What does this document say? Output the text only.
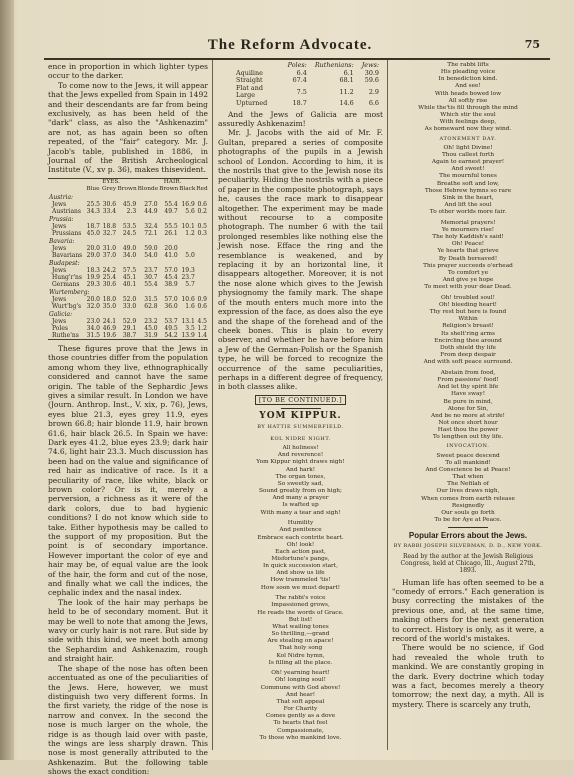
The Reform Advocate.	75

ence in proportion in which lighter types occur to the darker.

To come now to the Jews, it will appear that the Jews expelled from Spain in 1492 and their descendants are far from being exclusively, as has been held of the "dark" class, as also the "Ashkenazim" are not, as has again been so often repeated, of the "fair" category. Mr. J. Jacob's table, published in 1886, in Journal of the British Archeological Institute (V., xv p. 36), makes thisevident.

	EYES.			HAIR.			
	Blue	Grey	Brown	Blonde	Brown	Black	Red
Austria:							
Jews	25.5	30.6	45.9	27.0	55.4	16.9	0.6
Austrians	34.3	33.4	2.3	44.9	49.7	5.6	0.2
Prussia:							
Jews	18.7	18.8	53.5	32.4	55.5	10.1	0.5
Prussians	45.0	32.7	24.5	72.1	26.1	1.2	0.3
Bavaria:							
Jews	20.0	31.0	49.0	59.0	20.0		
Bavarians	29.0	37.0	34.0	54.0	41.0	5.0	
Budapest:							
Jews	18.3	24.2	57.5	23.7	57.0	19.3	
Hung'r'ns	19.9	25.4	45.1	30.7	45.4	23.7	
Germans	29.3	30.6	40.1	55.4	38.9	5.7	
Wurtemberg:							
Jews	20.0	18.0	52.0	31.5	57.0	10.6	0.9
Wurt'bg's	32.0	35.0	33.0	62.8	36.0	1.6	0.6
Galicia:							
Jews	23.0	24.1	52.9	23.2	53.7	13.1	4.5
Poles	34.0	46.9	29.1	45.0	49.5	3.5	1.2
Ruthe'ns	31.5	19.6	38.7	31.9	54.2	13.9	1.4

These figures prove that the Jews in those countries differ from the population among whom they live, ethnographically considered and cannot have the same origin. The table of the Sephardic Jews gives a similar result. In London we have (Journ. Anthrop. Inst., V. xix, p. 76), Jews, eyes blue 21.3, eyes grey 11.9, eyes brown 66.8; hair blonde 11.9, hair brown 61.6, hair black 26.5. In Spain we have: Dark eyes 41.2, blue eyes 23.9; dark hair 74.6, light hair 23.3. Much discussion has been had on the value and significance of red hair as indicative of race. Is it a peculiarity of race, like white, black or brown color? Or is it, merely a perversion, a richness as it were of the dark colors, due to bad hygienic conditions? I do not know which side to take. Either hypothesis may be called to the support of my proposition. But the point is of secondary importance. However important the color of eye and hair may be, of equal value are the look of the hair, the form and cut of the nose, and finally what we call the indices, the cephalic index and the nasal index.

The look of the hair may perhaps be held to be of secondary moment. But it may be well to note that among the Jews, wavy or curly hair is not rare. But side by side with this kind, we meet both among the Sephardim and Ashkenazim, rough and straight hair.

The shape of the nose has often been accentuated as one of the peculiarities of the Jews. Here, however, we must distinguish two very different forms. In the first variety, the ridge of the nose is narrow and convex. In the second the nose is much larger on the whole, the ridge is as though laid over with paste, the wings are less sharply drawn. This nose is most generally attributed to the Ashkenazim. But the following table shows the exact condition:

	Poles:	Ruthenians:	Jews:
Aquiline	6.4	6.1	30.9
Straight	67.4	68.1	59.6
Flat and Large	7.5	11.2	2.9
Upturned	18.7	14.6	6.6

And the Jews of Galicia are most assuredly Ashkenazim!

Mr. J. Jacobs with the aid of Mr. F. Gultan, prepared a series of composite photographs of the pupils in a Jewish school of London. According to him, it is the nostrils that give to the Jewish nose its peculiarity. Hiding the nostrils with a piece of paper in the composite photograph, says he, causes the race mark to disappear altogether. The experiment may be made without recourse to a composite photograph. The number 6 with the tail prolonged resembles like nothing else the Jewish nose. Efface the ring and the resemblance is weakened, and by replacing it by an horizontal line, it disappears altogether. Moreover, it is not the nose alone which gives to the Jewish physiognomy the family mark. The shape of the mouth enters much more into the expression of the face, as does also the eye and the shape of the forehead and of the cheek bones. This is plain to every observer, and whether he have before him a Jew of the German-Polish or the Spanish type, he will be forced to recognize the occurrence of the same peculiarities, perhaps in a different degree of frequency, in both classes alike.

[TO BE CONTINUED.]
YOM KIPPUR.
BY HATTIE SUMMERFIELD.
KOL NIDRE NIGHT.
All holiness!
And reverence!
Yom Kippur night draws nigh!
And hark!
The organ tones,
So sweetly sad,
Sound greatly from on high;
And many a prayer
Is wafted up
With many a tear and sigh!
Humility
And penitence
Embrace each contrite heart.
Oh! look!
Each action past,
Misfortune's pangs,
In quick succession start,
And show us life
How trammeled 'tis!
How soon we must depart!
The rabbi's voice
Impassioned grows,
He reads the words of Grace.
But list!
What wailing tones
So thrilling,—grand
Are stealing on apace!
That holy song
Kol Nidre hymn,
Is filling all the place.
Oh! yearning heart!
Oh! longing soul!
Commune with God above!
And hear!
That soft appeal
For Charity
Comes gently as a dove
To hearts that feel
Compassionate,
To those who mankind love.
The rabbi lifts
His pleading voice
In benediction kind.
And see!
With heads bowed low
All softly rise
While the'tis fill through the mind
Which stir the soul
With feelings deep,
As homeward now they wind.
ATONEMENT DAY.
Oh! light Divine!
Thou callest forth
Again to earnest prayer!
And sweet!
The mournful tones
Breathe soft and low,
Those Hebrew hymns so rare
Sink in the heart,
And lift the soul
To other worlds more fair.
Memorial prayers!
Ye mourners rise!
The holy Kaddish's said!
Oh! Peace!
Ye hearts that grieve
By Death bereaved!
This prayer succeeds o'erhead
To comfort ye
And give ye hope
To meet with your dear Dead.
Oh! troubled soul!
Oh! bleeding heart!
Thy rest but here is found
Within
Religion's breast!
Its shelt'ring arms
Encircling thee around
Doth shield thy life
From deep despair
And with soft peace surround.
Abstain from food,
From passions' food!
And let thy spirit life
Have sway!
Be pure in mind,
Atone for Sin,
And be no more at strife!
Not once short hour
Hast thou the power
To lengthen out thy life.
INVOCATION.
Sweet peace descend
To all mankind!
And Conscience be at Peace!
That when
The Nefilah of
Our lives draws nigh,
When comes from earth release
Resignedly
Our souls go forth
To be for Aye at Peace.
Popular Errors about the Jews.
BY RABBI JOSEPH SILVERMAN, D. D., NEW YORK.
Read by the author at the Jewish Religious Congress, held at Chicago, Ill., August 27th, 1893.

Human life has often seemed to be a "comedy of errors." Each generation is busy correcting the mistakes of the previous one, and, at the same time, making others for the next generation to correct. History is only, as it were, a record of the world's mistakes.

There would be no science, if God had revealed the whole truth to mankind. We are constantly groping in the dark. Every doctrine which today was a fact, becomes merely a theory tomorrow; the next day, a myth. All is mystery. There is scarcely any truth,
